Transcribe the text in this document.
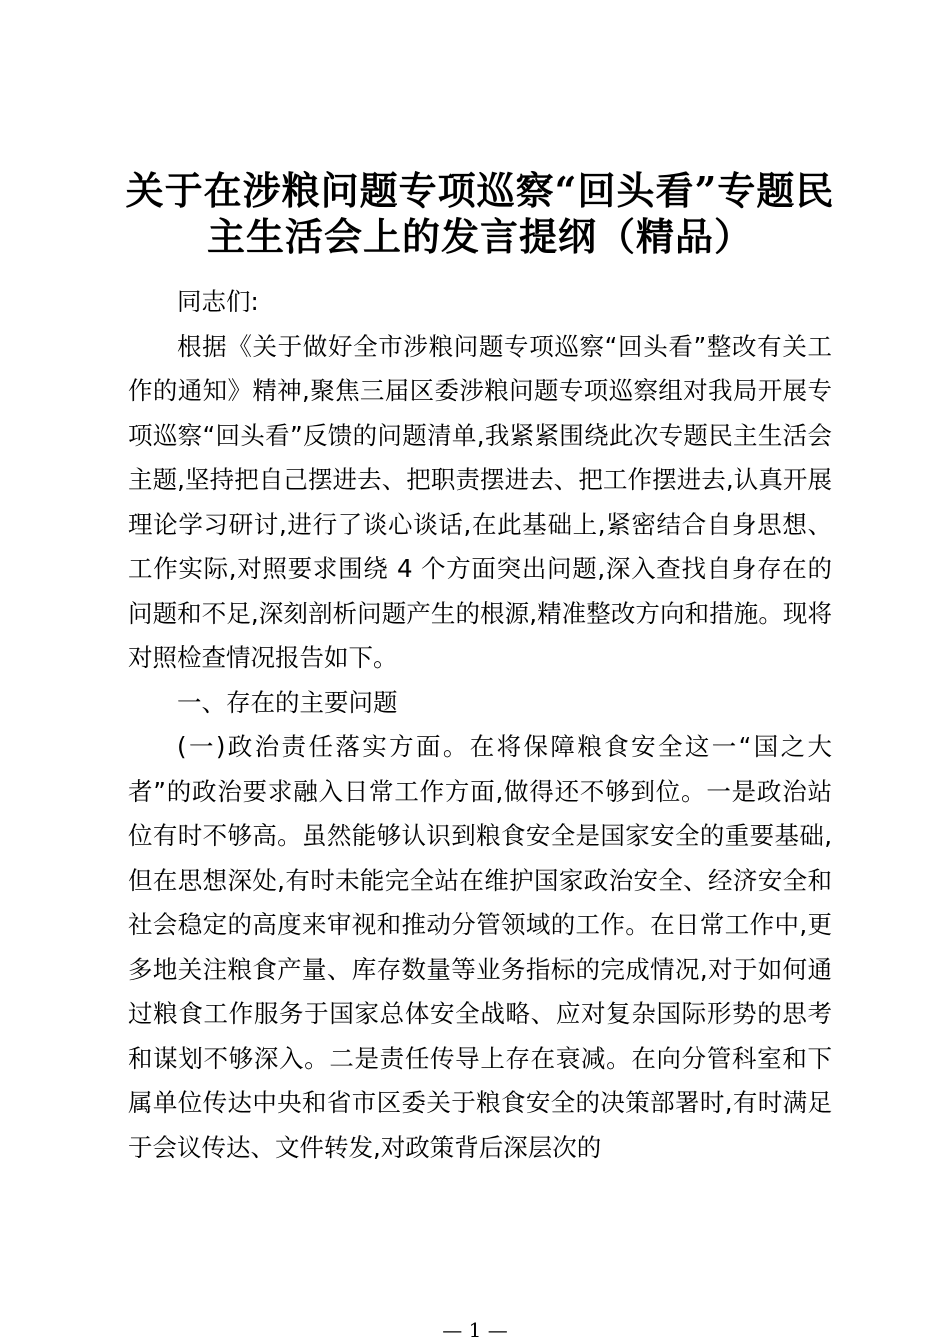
关于在涉粮问题专项巡察“回头看”专题民主生活会上的发言提纲（精品）

同志们:

根据《关于做好全市涉粮问题专项巡察“回头看”整改有关工作的通知》精神,聚焦三届区委涉粮问题专项巡察组对我局开展专项巡察“回头看”反馈的问题清单,我紧紧围绕此次专题民主生活会主题,坚持把自己摆进去、把职责摆进去、把工作摆进去,认真开展理论学习研讨,进行了谈心谈话,在此基础上,紧密结合自身思想、工作实际,对照要求围绕 4 个方面突出问题,深入查找自身存在的问题和不足,深刻剖析问题产生的根源,精准整改方向和措施。现将对照检查情况报告如下。

一、存在的主要问题

(一)政治责任落实方面。在将保障粮食安全这一“国之大者”的政治要求融入日常工作方面,做得还不够到位。一是政治站位有时不够高。虽然能够认识到粮食安全是国家安全的重要基础,但在思想深处,有时未能完全站在维护国家政治安全、经济安全和社会稳定的高度来审视和推动分管领域的工作。在日常工作中,更多地关注粮食产量、库存数量等业务指标的完成情况,对于如何通过粮食工作服务于国家总体安全战略、应对复杂国际形势的思考和谋划不够深入。二是责任传导上存在衰减。在向分管科室和下属单位传达中央和省市区委关于粮食安全的决策部署时,有时满足于会议传达、文件转发,对政策背后深层次的

— 1 —
